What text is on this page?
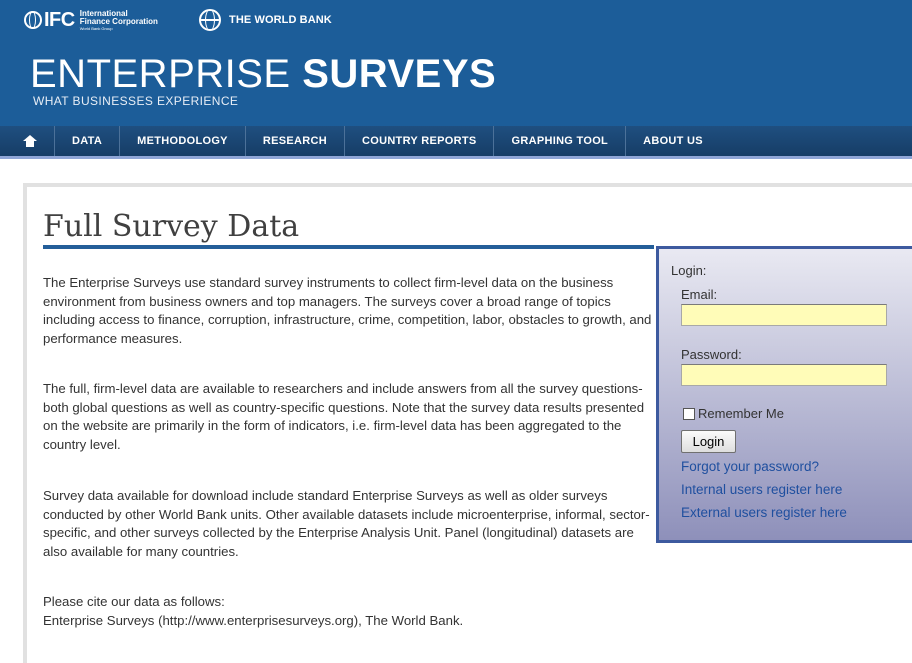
IFC International
Finance Corporation
World Bank Group
THE WORLD BANK
ENTERPRISE SURVEYS
WHAT BUSINESSES EXPERIENCE
DATA	METHODOLOGY	RESEARCH	COUNTRY REPORTS	GRAPHING TOOL	ABOUT US
Full Survey Data

The Enterprise Surveys use standard survey instruments to collect firm-level data on the business environment from business owners and top managers. The surveys cover a broad range of topics including access to finance, corruption, infrastructure, crime, competition, labor, obstacles to growth, and performance measures.

The full, firm-level data are available to researchers and include answers from all the survey questions- both global questions as well as country-specific questions. Note that the survey data results presented on the website are primarily in the form of indicators, i.e. firm-level data has been aggregated to the country level.

Survey data available for download include standard Enterprise Surveys as well as older surveys conducted by other World Bank units. Other available datasets include microenterprise, informal, sector-specific, and other surveys collected by the Enterprise Analysis Unit. Panel (longitudinal) datasets are also available for many countries.

Please cite our data as follows:

Enterprise Surveys (http://www.enterprisesurveys.org), The World Bank.

Login:
Email:
Password:
Remember Me
Login
Forgot your password?
Internal users register here
External users register here
